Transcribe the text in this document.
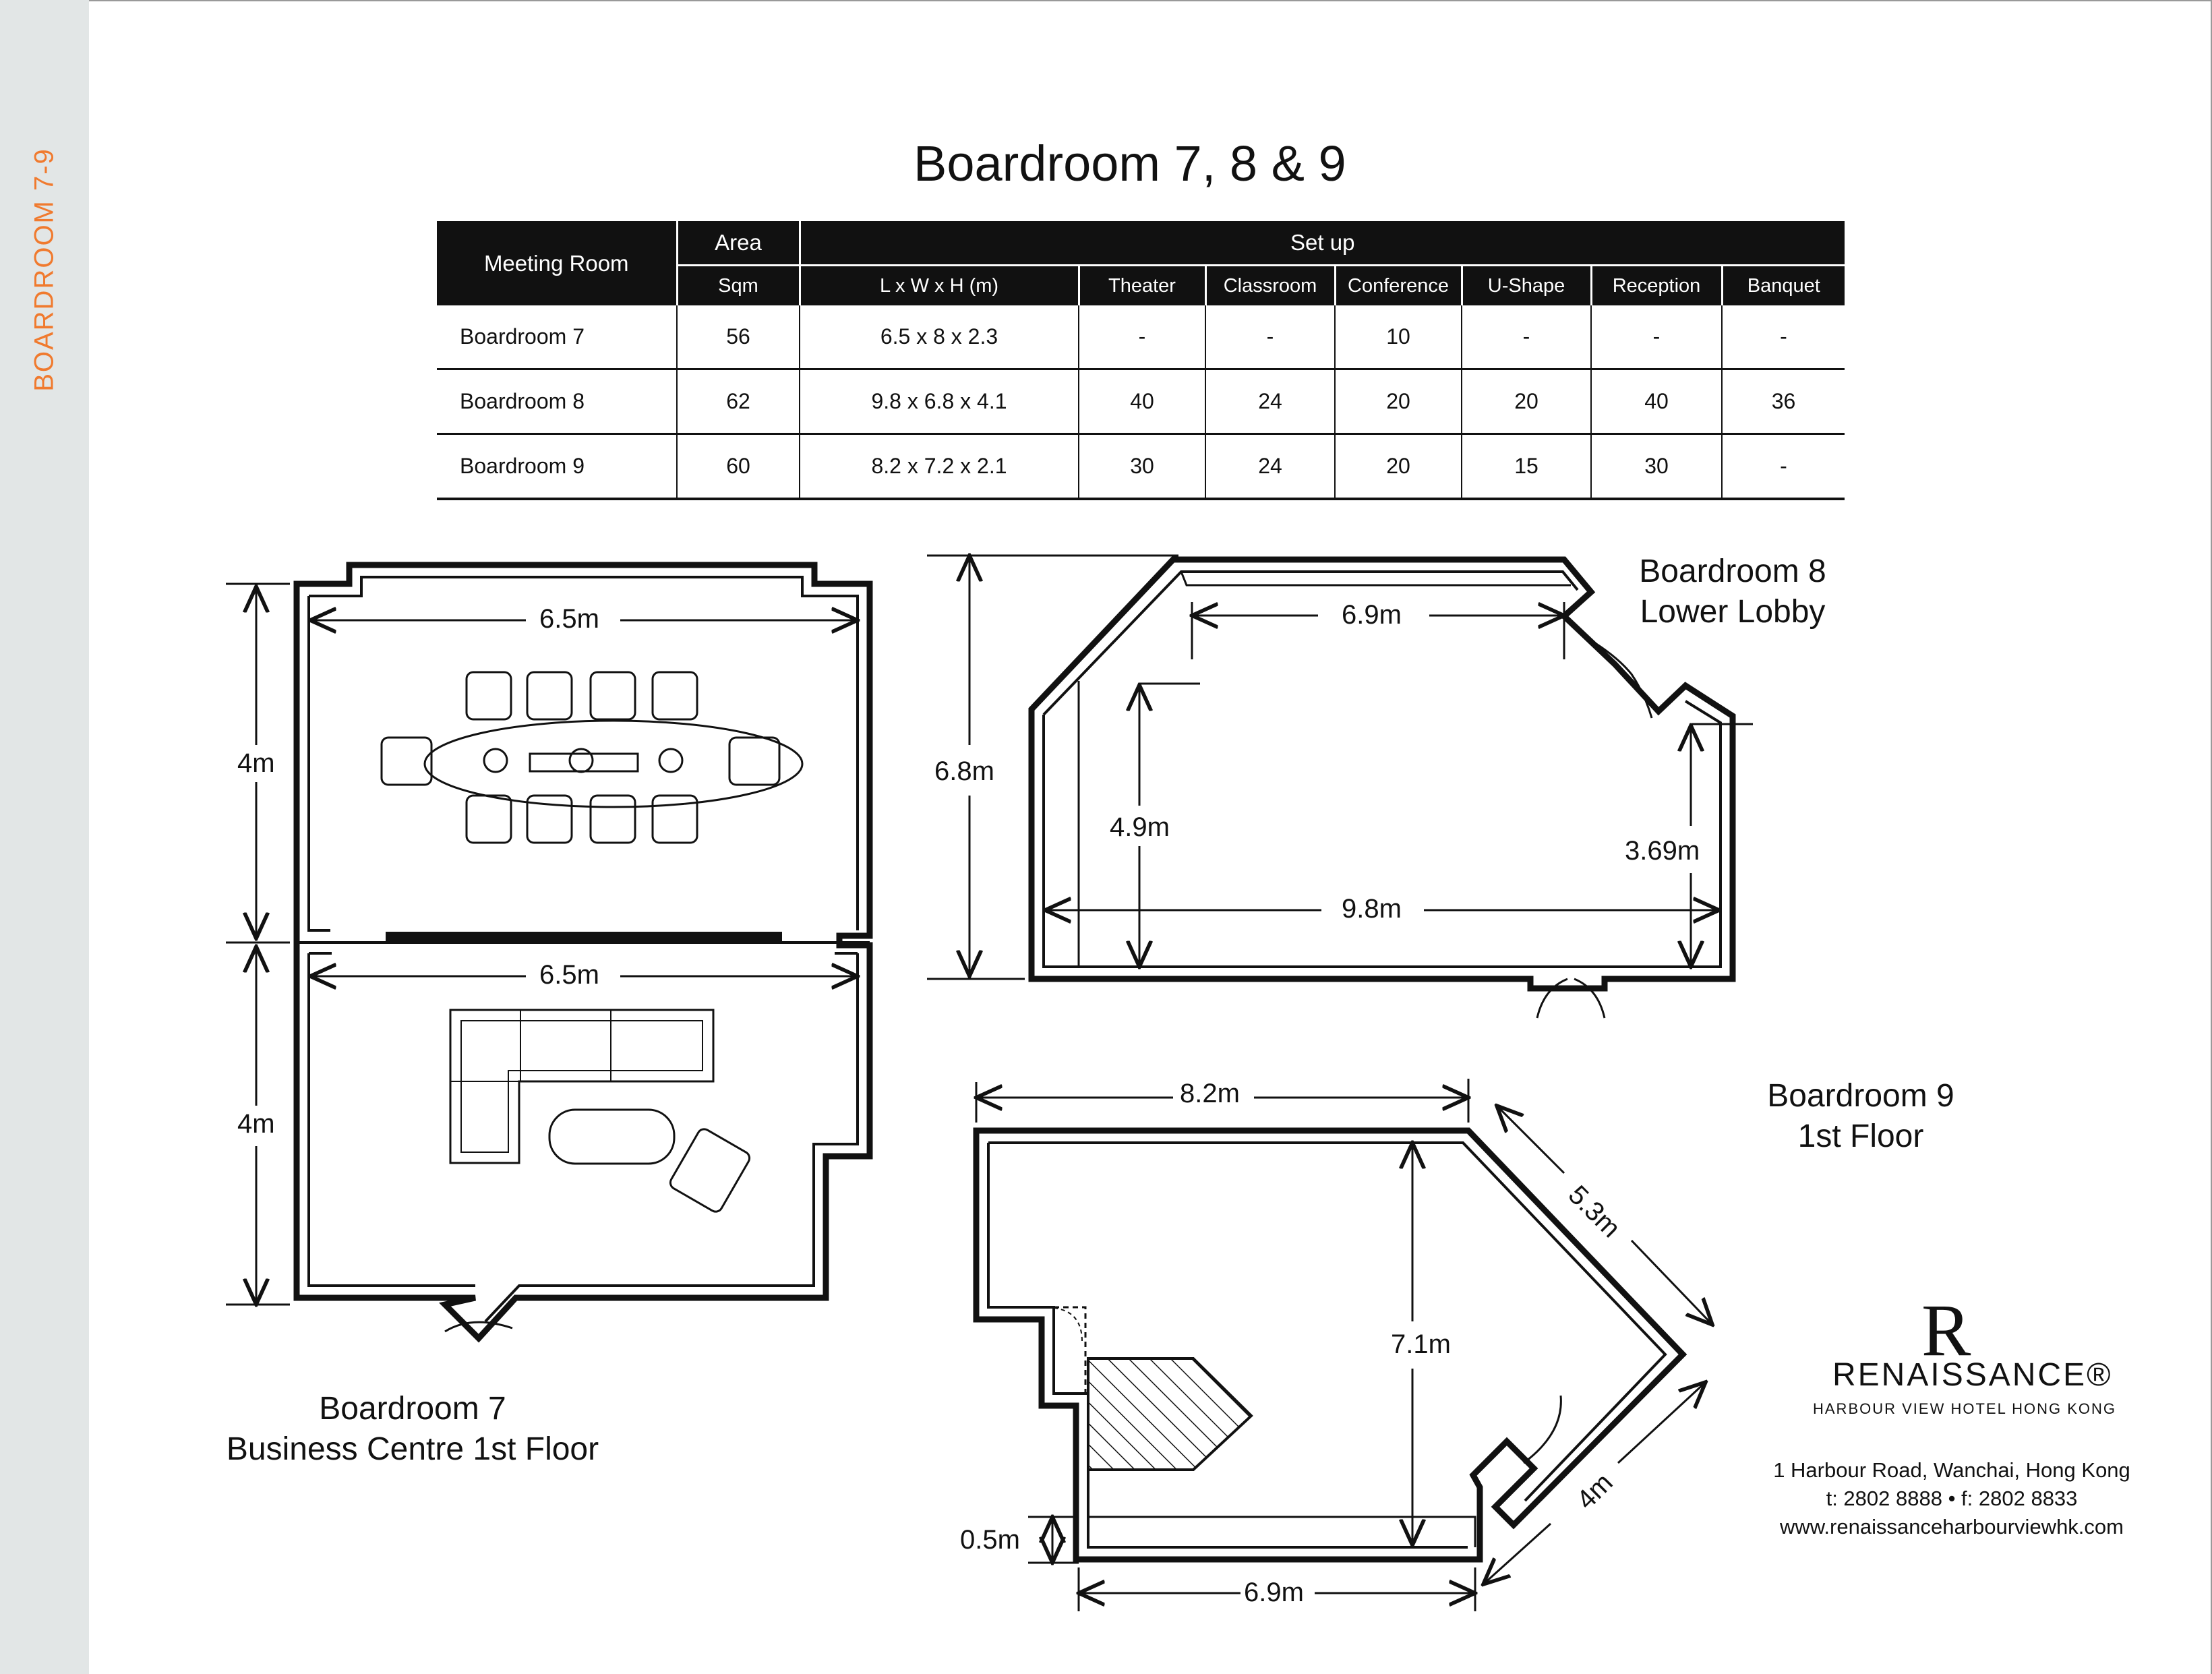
BOARDROOM 7-9	Boardroom 7, 8 & 9
Meeting Room	Area	Set up						
	Sqm	L x W x H (m)	Theater	Classroom	Conference	U-Shape	Reception	Banquet
Boardroom 7	56	6.5 x 8 x 2.3	-	-	10	-	-	-
Boardroom 8	62	9.8 x 6.8 x 4.1	40	24	20	20	40	36
Boardroom 9	60	8.2 x 7.2 x 2.1	30	24	20	15	30	-
6.5m
6.5m
4m
4m
Boardroom 7
Business Centre 1st Floor
6.9m
6.8m
4.9m
3.69m
9.8m
Boardroom 8
Lower Lobby
8.2m
5.3m
7.1m
4m
0.5m
6.9m
Boardroom 9
1st Floor
R
RENAISSANCE®
HARBOUR VIEW HOTEL HONG KONG
1 Harbour Road, Wanchai, Hong Kong
t: 2802 8888 • f: 2802 8833
www.renaissanceharbourviewhk.com
